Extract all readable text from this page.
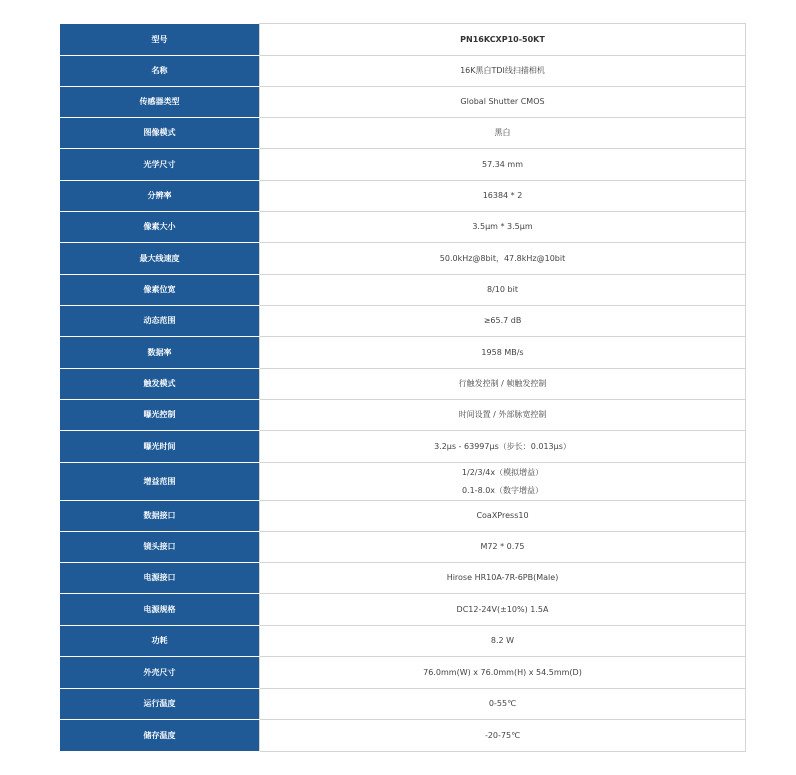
型号	PN16KCXP10-50KT
名称	16K黑白TDI线扫描相机
传感器类型	Global Shutter CMOS
图像模式	黑白
光学尺寸	57.34 mm
分辨率	16384 * 2
像素大小	3.5μm * 3.5μm
最大线速度	50.0kHz@8bit，47.8kHz@10bit
像素位宽	8/10 bit
动态范围	≥65.7 dB
数据率	1958 MB/s
触发模式	行触发控制 / 帧触发控制
曝光控制	时间设置 / 外部脉宽控制
曝光时间	3.2μs - 63997μs（步长：0.013μs）
增益范围	1/2/3/4x（模拟增益）
0.1-8.0x（数字增益）

数据接口	CoaXPress10
镜头接口	M72 * 0.75
电源接口	Hirose HR10A-7R-6PB(Male)
电源规格	DC12-24V(±10%) 1.5A
功耗	8.2 W
外壳尺寸	76.0mm(W) x 76.0mm(H) x 54.5mm(D)
运行温度	0-55℃
储存温度	-20-75℃
